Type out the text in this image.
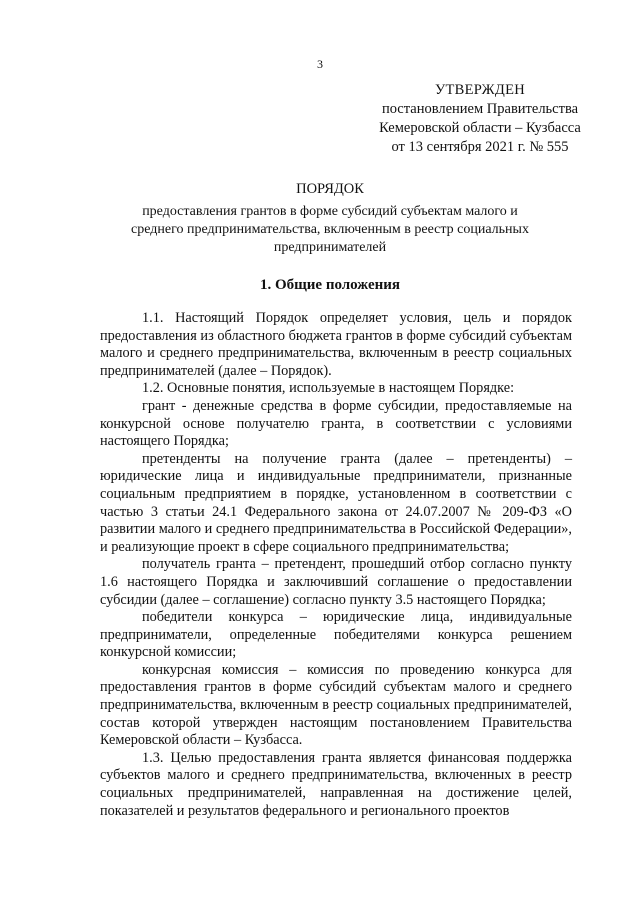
3
УТВЕРЖДЕН
постановлением Правительства
Кемеровской области – Кузбасса
от 13 сентября 2021 г. № 555
ПОРЯДОК
предоставления грантов в форме субсидий субъектам малого и среднего предпринимательства, включенным в реестр социальных предпринимателей
1. Общие положения

1.1. Настоящий Порядок определяет условия, цель и порядок предоставления из областного бюджета грантов в форме субсидий субъектам малого и среднего предпринимательства, включенным в реестр социальных предпринимателей (далее – Порядок).

1.2. Основные понятия, используемые в настоящем Порядке:

грант - денежные средства в форме субсидии, предоставляемые на конкурсной основе получателю гранта, в соответствии с условиями настоящего Порядка;

претенденты на получение гранта (далее – претенденты) – юридические лица и индивидуальные предприниматели, признанные социальным предприятием в порядке, установленном в соответствии с частью 3 статьи 24.1 Федерального закона от 24.07.2007 № 209-ФЗ «О развитии малого и среднего предпринимательства в Российской Федерации», и реализующие проект в сфере социального предпринимательства;

получатель гранта – претендент, прошедший отбор согласно пункту 1.6 настоящего Порядка и заключивший соглашение о предоставлении субсидии (далее – соглашение) согласно пункту 3.5 настоящего Порядка;

победители конкурса – юридические лица, индивидуальные предприниматели, определенные победителями конкурса решением конкурсной комиссии;

конкурсная комиссия – комиссия по проведению конкурса для предоставления грантов в форме субсидий субъектам малого и среднего предпринимательства, включенным в реестр социальных предпринимателей, состав которой утвержден настоящим постановлением Правительства Кемеровской области – Кузбасса.

1.3. Целью предоставления гранта является финансовая поддержка субъектов малого и среднего предпринимательства, включенных в реестр социальных предпринимателей, направленная на достижение целей, показателей и результатов федерального и регионального проектов
